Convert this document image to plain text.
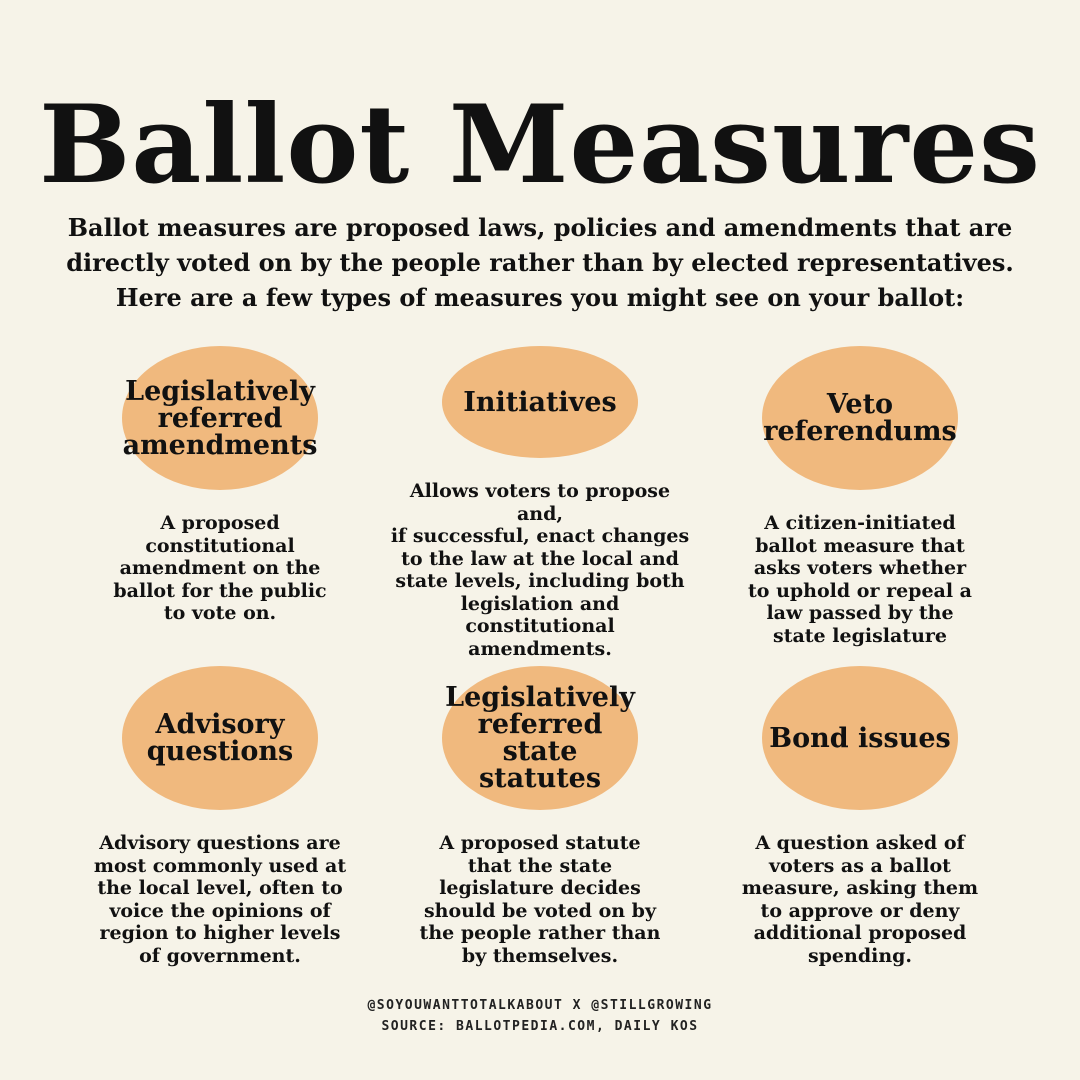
Ballot Measures
Ballot measures are proposed laws, policies and amendments that are
directly voted on by the people rather than by elected representatives.
Here are a few types of measures you might see on your ballot:
Legislatively
referred
amendments
A proposed
constitutional
amendment on the
ballot for the public
to vote on.
Initiatives
Allows voters to propose and,
if successful, enact changes
to the law at the local and
state levels, including both
legislation and constitutional
amendments.
Veto
referendums
A citizen-initiated
ballot measure that
asks voters whether
to uphold or repeal a
law passed by the
state legislature
Advisory
questions
Advisory questions are
most commonly used at
the local level, often to
voice the opinions of
region to higher levels
of government.
Legislatively
referred state
statutes
A proposed statute
that the state
legislature decides
should be voted on by
the people rather than
by themselves.
Bond issues
A question asked of
voters as a ballot
measure, asking them
to approve or deny
additional proposed
spending.
@SOYOUWANTTOTALKABOUT X @STILLGROWING
SOURCE: BALLOTPEDIA.COM, DAILY KOS
